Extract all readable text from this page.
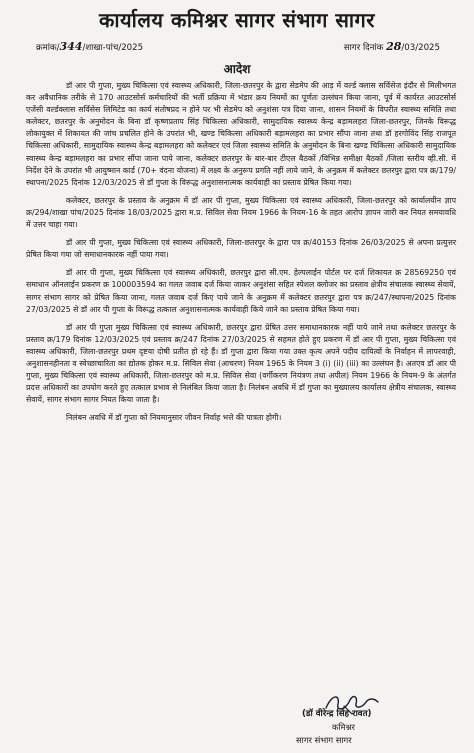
कार्यालय कमिश्नर सागर संभाग सागर
क्रमांक/344/शाखा-पांच/2025	सागर दिनांक 28/03/2025
आदेश

डॉ आर पी गुप्ता, मुख्य चिकित्सा एवं स्वास्थ्य अधिकारी, जिला-छतरपुर के द्वारा सेडमेप की आड़ में वर्ल्ड क्लास सर्विसेज इंदौर से मिलीभगत कर अवैधानिक तरीके से 170 आउटसोर्स कर्मचारियों की भर्ती प्रक्रिया में भंडार क्रय नियमों का पूर्णतः उल्लंघन किया जाना, पूर्व में कार्यरत आउटसोर्स एजेंसी वर्ल्डक्लास सर्विसेस लिमिटेड का कार्य संतोषप्रद न होने पर भी सेडमेप को अनुशंसा पत्र दिया जाना, शासन नियमों के विपरीत स्वास्थ्य समिति तथा कलेक्टर, छतरपुर के अनुमोदन के बिना डॉ कृष्णप्रताप सिंह चिकित्सा अधिकारी, सामुदायिक स्वास्थ्य केन्द्र बड़ामलहरा जिला-छतरपुर, जिनके विरूद्ध लोकायुक्त में शिकायत की जांच प्रचलित होने के उपरांत भी, खण्ड चिकित्सा अधिकारी बड़ामलहरा का प्रभार सौंपा जाना तथा डॉ हरगोविंद सिंह राजपूत चिकित्सा अधिकारी, सामुदायिक स्वास्थ्य केन्द्र बड़ामलहरा को कलेक्टर एवं जिला स्वास्थ्य समिति के अनुमोदन के बिना खण्ड चिकित्सा अधिकारी सामुदायिक स्वास्थ्य केन्द्र बड़ामलहरा का प्रभार सौंपा जाना पाये जाना, कलेक्टर छतरपुर के बार-बार टीएल बैठकों /विभिन्न समीक्षा बैठकों /जिला स्तरीय व्ही.सी. में निर्देश देने के उपरांत भी आयुष्मान कार्ड (70+ वंदना योजना) में लक्ष्य के अनुरूप प्रगति नहीं लाये जाने, के अनुक्रम में कलेक्टर छतरपुर द्वारा पत्र क्र/179/स्थापना/2025 दिनांक 12/03/2025 से डॉ गुप्ता के विरूद्ध अनुशासनात्मक कार्यवाही का प्रस्ताव प्रेषित किया गया।

कलेक्टर, छतरपुर के प्रस्ताव के अनुक्रम में डॉ आर पी गुप्ता, मुख्य चिकित्सा एवं स्वास्थ्य अधिकारी, जिला-छतरपुर को कार्यालयीन ज्ञाप क्र/294/शाखा पांच/2025 दिनांक 18/03/2025 द्वारा म.प्र. सिविल सेवा नियम 1966 के नियम-16 के तहत आरोप ज्ञापन जारी कर नियत समयावधि में उत्तर चाहा गया।

डॉ आर पी गुप्ता, मुख्य चिकित्सा एवं स्वास्थ्य अधिकारी, जिला-छतरपुर के द्वारा पत्र क्र/40153 दिनांक 26/03/2025 से अपना प्रत्युत्तर प्रेषित किया गया जो समाधानकारक नहीं पाया गया।

डॉ आर पी गुप्ता, मुख्य चिकित्सा एवं स्वास्थ्य अधिकारी, छतरपुर द्वारा सी.एम. हेल्पलाईन पोर्टल पर दर्ज शिकायत क्र 28569250 एवं समाधान ऑनलाईन प्रकरण क्र 100003594 का गलत जवाब दर्ज किया जाकर अनुशंसा सहित स्पेशल क्लोजर का प्रस्ताव क्षेत्रीय संचालक स्वास्थ्य सेवायें, सागर संभाग सागर को प्रेषित किया जाना, गलत जवाब दर्ज किए पाये जाने के अनुक्रम में कलेक्टर छतरपुर द्वारा पत्र क्र/247/स्थापना/2025 दिनांक 27/03/2025 से डॉ आर पी गुप्ता के विरूद्ध तत्काल अनुशासनात्मक कार्यवाही किये जाने का प्रस्ताव प्रेषित किया गया।

डॉ आर पी गुप्ता मुख्य चिकित्सा एवं स्वास्थ्य अधिकारी, छतरपुर द्वारा प्रेषित उत्तर समाधानकारक नहीं पाये जाने तथा कलेक्टर छतरपुर के प्रस्ताव क्र/179 दिनांक 12/03/2025 एवं प्रस्ताव क्र/247 दिनांक 27/03/2025 से सहमत होते हुए प्रकरण में डॉ आर पी गुप्ता, मुख्य चिकित्सा एवं स्वास्थ्य अधिकारी, जिला-छतरपुर प्रथम दृष्टया दोषी प्रतीत हो रहे हैं। डॉ गुप्ता द्वारा किया गया उक्त कृत्य अपने पदीय दायित्वों के निर्वाहन में लापरवाही, अनुशासनहीनता व स्वेच्छाचारिता का द्योतक होकर म.प्र. सिविल सेवा (आचरण) नियम 1965 के नियम 3 (i) (ii) (iii) का उल्लंघन है। अतएव डॉ आर पी गुप्ता, मुख्य चिकित्सा एवं स्वास्थ्य अधिकारी, जिला-छतरपुर को म.प्र. सिविल सेवा (वर्गीकरण नियंत्रण तथा अपील) नियम 1966 के नियम-9 के अंतर्गत प्रदत्त अधिकारों का उपयोग करते हुए तत्काल प्रभाव से निलंबित किया जाता है। निलंबन अवधि में डॉ गुप्ता का मुख्यालय कार्यालय क्षेत्रीय संचालक, स्वास्थ्य सेवायें, सागर संभाग सागर नियत किया जाता है।

निलंबन अवधि में डॉ गुप्ता को नियमानुसार जीवन निर्वाह भत्ते की पात्रता होगी।

(डॉ वीरेन्द्र सिंह रावत)
कमिश्नर
सागर संभाग सागर
